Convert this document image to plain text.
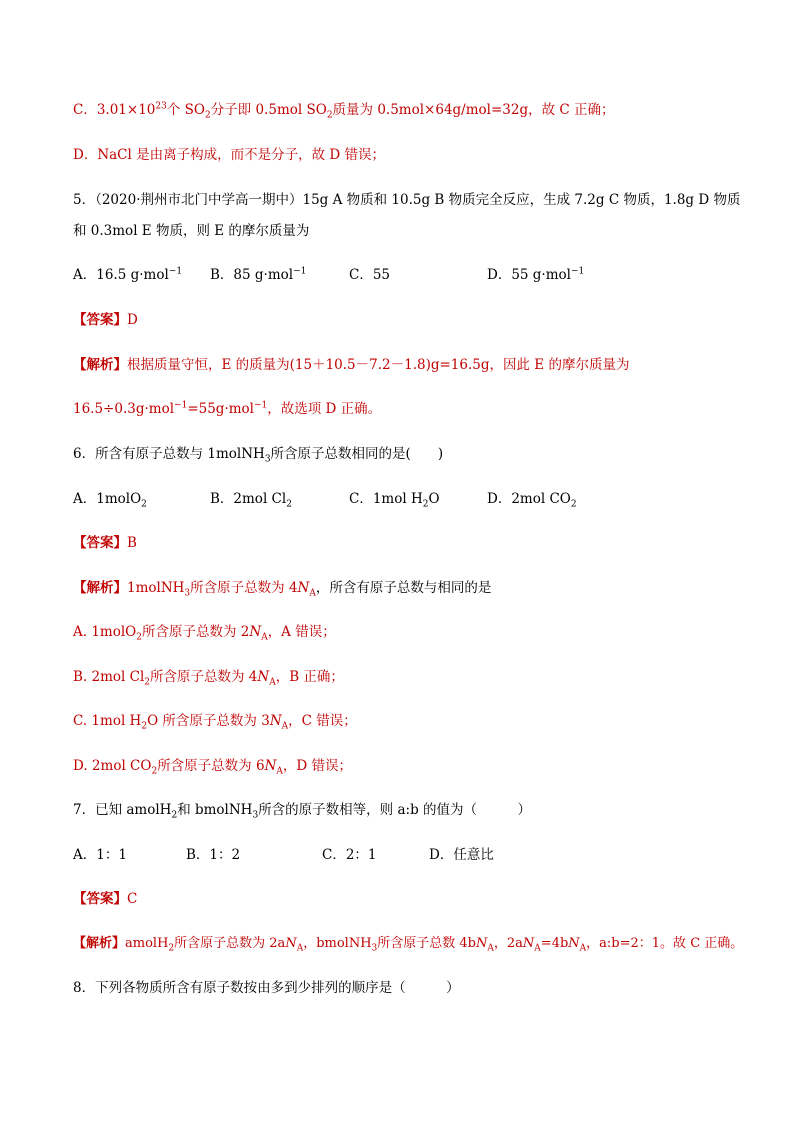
C．$3.01\times 10^{23}$个 $SO_2$分子即 0.5mol $SO_2$质量为 0.5mol×64g/mol=32g，故 C 正确；
D．NaCl 是由离子构成，而不是分子，故 D 错误；
5．（2020·荆州市北门中学高一期中）15g A 物质和 10.5g B 物质完全反应，生成 7.2g C 物质，1.8g D 物质
和 0.3mol E 物质，则 E 的摩尔质量为
A．16.5 g·mol$^{-1}$ B．85 g·mol$^{-1}$	C．55	D．55 g·mol$^{-1}$
【答案】D
【解析】根据质量守恒，E 的质量为(15＋10.5－7.2－1.8)g=16.5g，因此 E 的摩尔质量为
16.5÷0.3g·mol$^{-1}$=55g·mol$^{-1}$，故选项 D 正确。
6．所含有原子总数与 1molNH$_3$所含原子总数相同的是(　　)
A．1molO$_2$	B．2mol $Cl_2$	C．1mol $H_2O$	D．2mol $CO_2$
【答案】B
【解析】1molNH$_3$所含原子总数为 $4N_A$，所含有原子总数与相同的是
A. 1molO$_2$所含原子总数为 $2N_A$，A 错误；
B. 2mol $Cl_2$所含原子总数为 $4N_A$，B 正确；
C. 1mol $H_2O$ 所含原子总数为 $3N_A$，C 错误；
D. 2mol $CO_2$所含原子总数为 $6N_A$，D 错误；
7．已知 amolH$_2$和 bmolNH$_3$所含的原子数相等，则 a:b 的值为（　　　）
A．1：1	B．1：2	C．2：1	D．任意比
【答案】C
【解析】amolH$_2$所含原子总数为 $2aN_A$，bmolNH$_3$所含原子总数 $4bN_A$，$2aN_A=4bN_A$，a:b=2：1。故 C 正确。
8．下列各物质所含有原子数按由多到少排列的顺序是（　　　）
